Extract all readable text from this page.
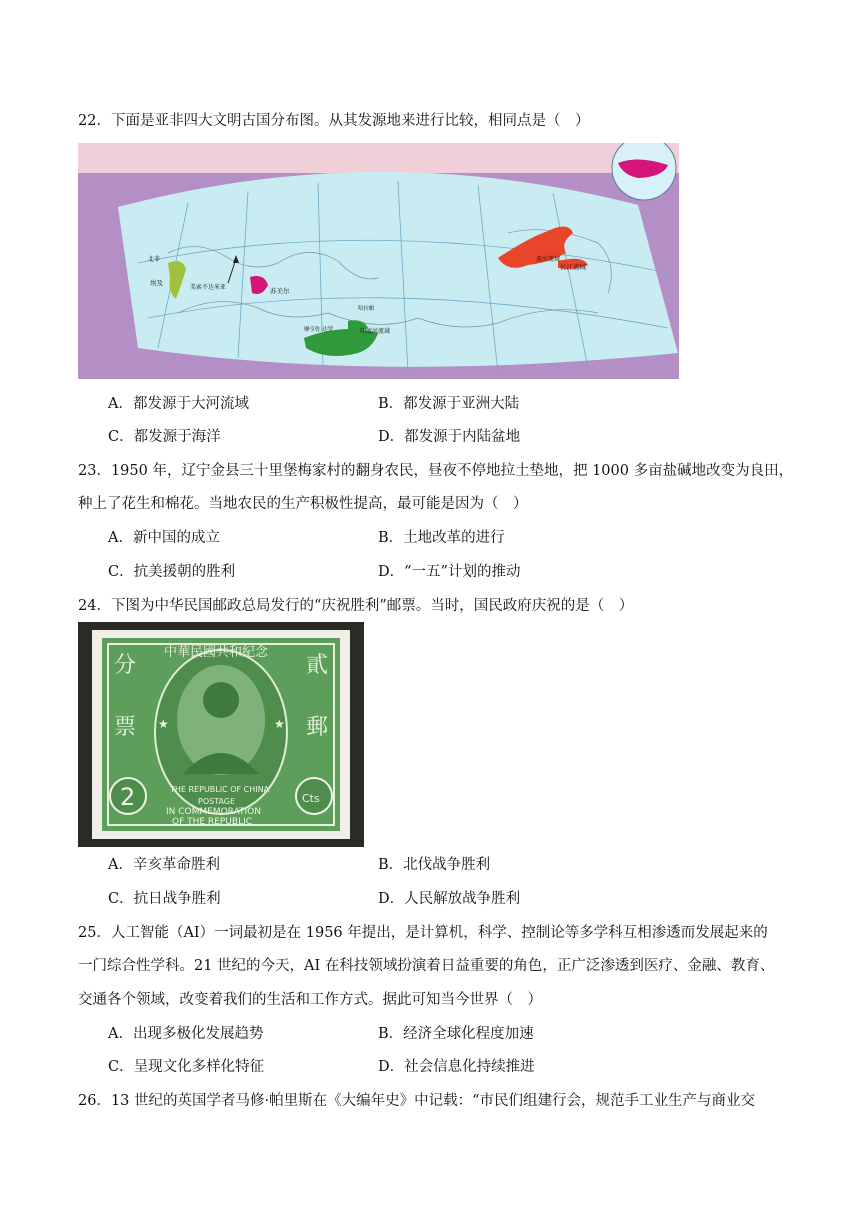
22．下面是亚非四大文明古国分布图。从其发源地来进行比较，相同点是（　）
北非
埃及
美索不达米亚	苏美尔
摩亨佐·达罗
哈拉帕
印度河流域
黄河流域
长江流域
A．都发源于大河流域	B．都发源于亚洲大陆
C．都发源于海洋	D．都发源于内陆盆地
23．1950 年，辽宁金县三十里堡梅家村的翻身农民，昼夜不停地拉土垫地，把 1000 多亩盐碱地改变为良田，
种上了花生和棉花。当地农民的生产积极性提高，最可能是因为（　）
A．新中国的成立	B．土地改革的进行
C．抗美援朝的胜利	D．“一五”计划的推动
24．下图为中华民国邮政总局发行的“庆祝胜利”邮票。当时，国民政府庆祝的是（　）
分
票
貳
郵
中華民國共和紀念
THE REPUBLIC OF CHINA
2	Cts
POSTAGE
IN COMMEMORATION
OF THE REPUBLIC
★	★
A．辛亥革命胜利	B．北伐战争胜利
C．抗日战争胜利	D．人民解放战争胜利
25．人工智能（AI）一词最初是在 1956 年提出，是计算机，科学、控制论等多学科互相渗透而发展起来的
一门综合性学科。21 世纪的今天，AI 在科技领域扮演着日益重要的角色，正广泛渗透到医疗、金融、教育、
交通各个领域，改变着我们的生活和工作方式。据此可知当今世界（　）
A．出现多极化发展趋势	B．经济全球化程度加速
C．呈现文化多样化特征	D．社会信息化持续推进
26．13 世纪的英国学者马修·帕里斯在《大编年史》中记载：“市民们组建行会，规范手工业生产与商业交
